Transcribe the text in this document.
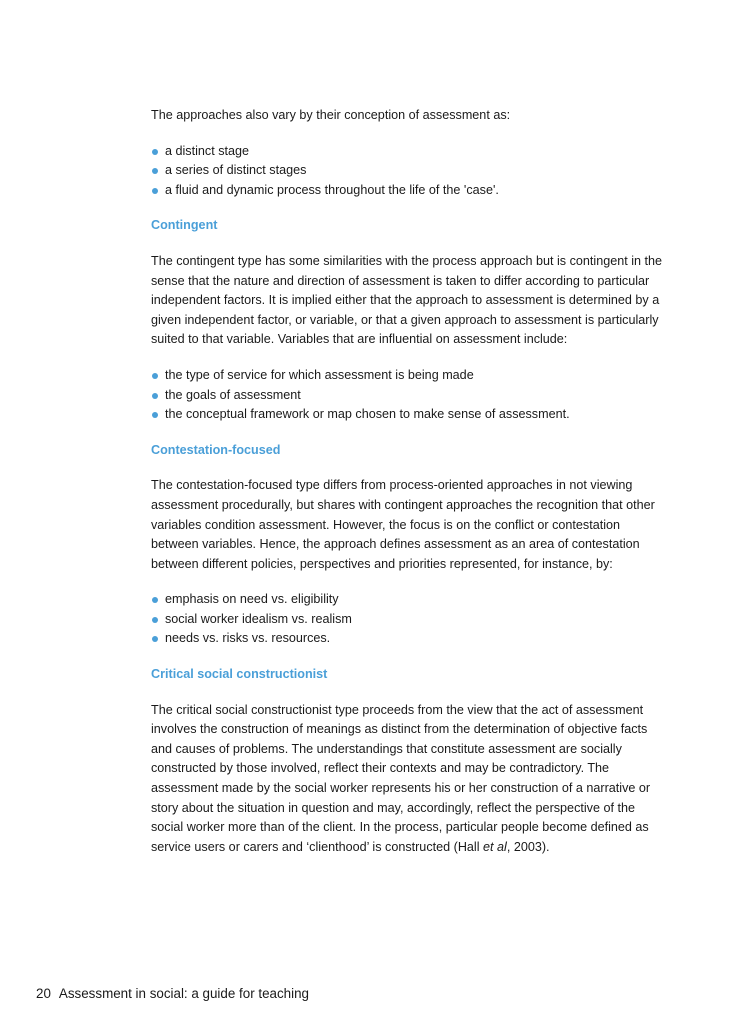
The approaches also vary by their conception of assessment as:

a distinct stage
a series of distinct stages
a fluid and dynamic process throughout the life of the 'case'.

Contingent

The contingent type has some similarities with the process approach but is contingent in the sense that the nature and direction of assessment is taken to differ according to particular independent factors. It is implied either that the approach to assessment is determined by a given independent factor, or variable, or that a given approach to assessment is particularly suited to that variable. Variables that are influential on assessment include:

the type of service for which assessment is being made
the goals of assessment
the conceptual framework or map chosen to make sense of assessment.

Contestation-focused

The contestation-focused type differs from process-oriented approaches in not viewing assessment procedurally, but shares with contingent approaches the recognition that other variables condition assessment. However, the focus is on the conflict or contestation between variables. Hence, the approach defines assessment as an area of contestation between different policies, perspectives and priorities represented, for instance, by:

emphasis on need vs. eligibility
social worker idealism vs. realism
needs vs. risks vs. resources.

Critical social constructionist

The critical social constructionist type proceeds from the view that the act of assessment involves the construction of meanings as distinct from the determination of objective facts and causes of problems. The understandings that constitute assessment are socially constructed by those involved, reflect their contexts and may be contradictory. The assessment made by the social worker represents his or her construction of a narrative or story about the situation in question and may, accordingly, reflect the perspective of the social worker more than of the client. In the process, particular people become defined as service users or carers and ‘clienthood’ is constructed (Hall et al, 2003).

20 Assessment in social: a guide for teaching
